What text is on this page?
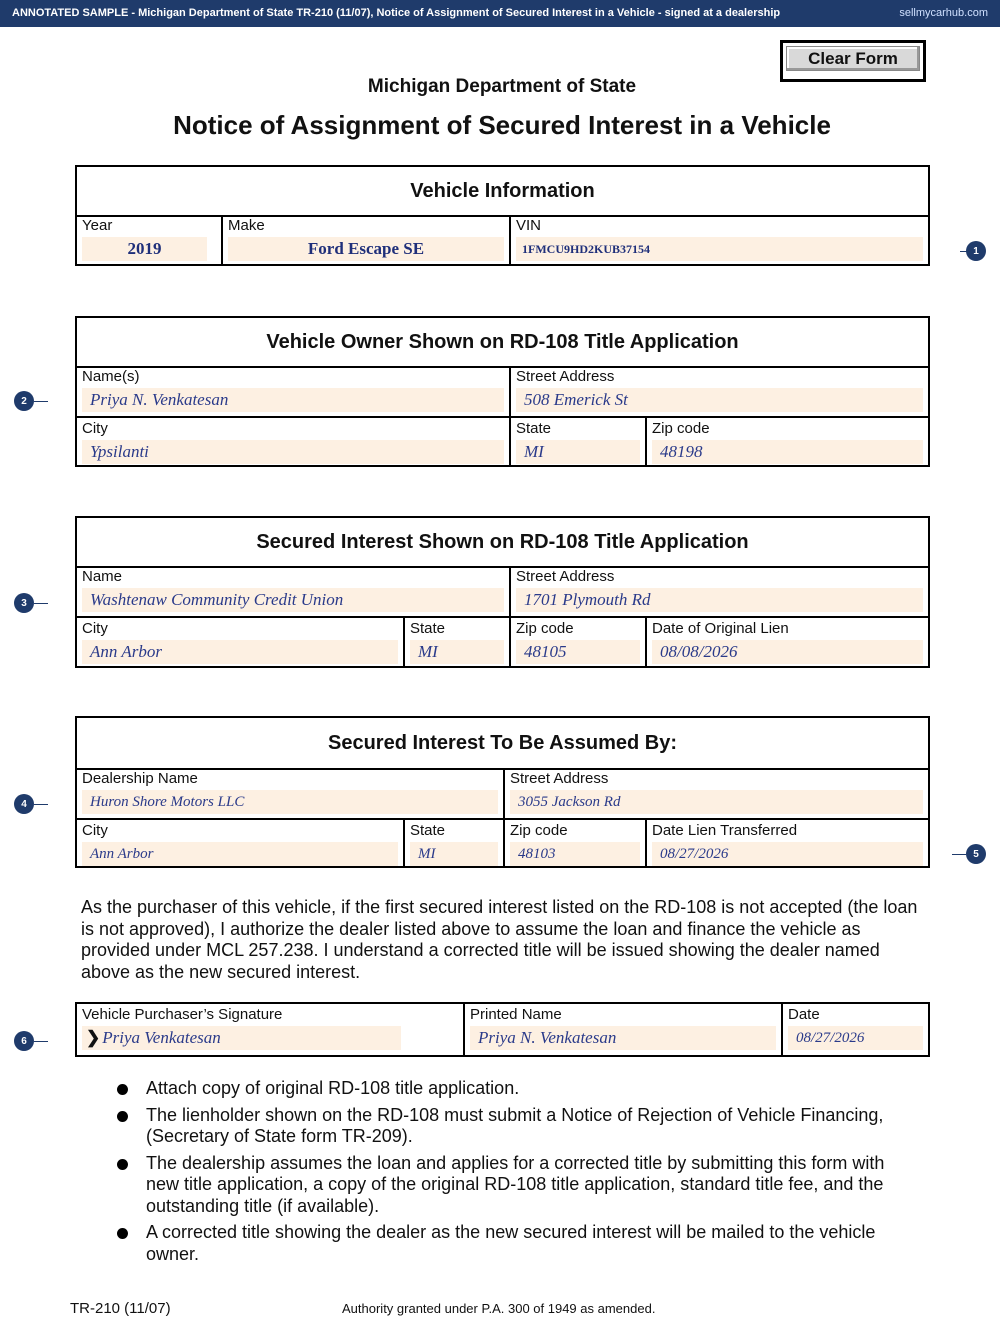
ANNOTATED SAMPLE - Michigan Department of State TR-210 (11/07), Notice of Assignment of Secured Interest in a Vehicle - signed at a dealership	sellmycarhub.com
Clear Form
Michigan Department of State
Notice of Assignment of Secured Interest in a Vehicle
Vehicle Information
Year
2019
Make
Ford Escape SE
VIN
1FMCU9HD2KUB37154
Vehicle Owner Shown on RD-108 Title Application
Name(s)
Priya N. Venkatesan
Street Address
508 Emerick St
City
Ypsilanti
State
MI
Zip code
48198
Secured Interest Shown on RD-108 Title Application
Name
Washtenaw Community Credit Union
Street Address
1701 Plymouth Rd
City
Ann Arbor
State
MI
Zip code
48105
Date of Original Lien
08/08/2026
Secured Interest To Be Assumed By:
Dealership Name
Huron Shore Motors LLC
Street Address
3055 Jackson Rd
City
Ann Arbor
State
MI
Zip code
48103
Date Lien Transferred
08/27/2026
As the purchaser of this vehicle, if the first secured interest listed on the RD-108 is not accepted (the loan is not approved), I authorize the dealer listed above to assume the loan and finance the vehicle as provided under MCL 257.238. I understand a corrected title will be issued showing the dealer named above as the new secured interest.
Vehicle Purchaser’s Signature
❯ Priya Venkatesan
Printed Name
Priya N. Venkatesan
Date
08/27/2026
Attach copy of original RD-108 title application.
The lienholder shown on the RD-108 must submit a Notice of Rejection of Vehicle Financing, (Secretary of State form TR-209).
The dealership assumes the loan and applies for a corrected title by submitting this form with new title application, a copy of the original RD-108 title application, standard title fee, and the outstanding title (if available).
A corrected title showing the dealer as the new secured interest will be mailed to the vehicle owner.
TR-210 (11/07)	Authority granted under P.A. 300 of 1949 as amended.
1
2
3
4
5
6
